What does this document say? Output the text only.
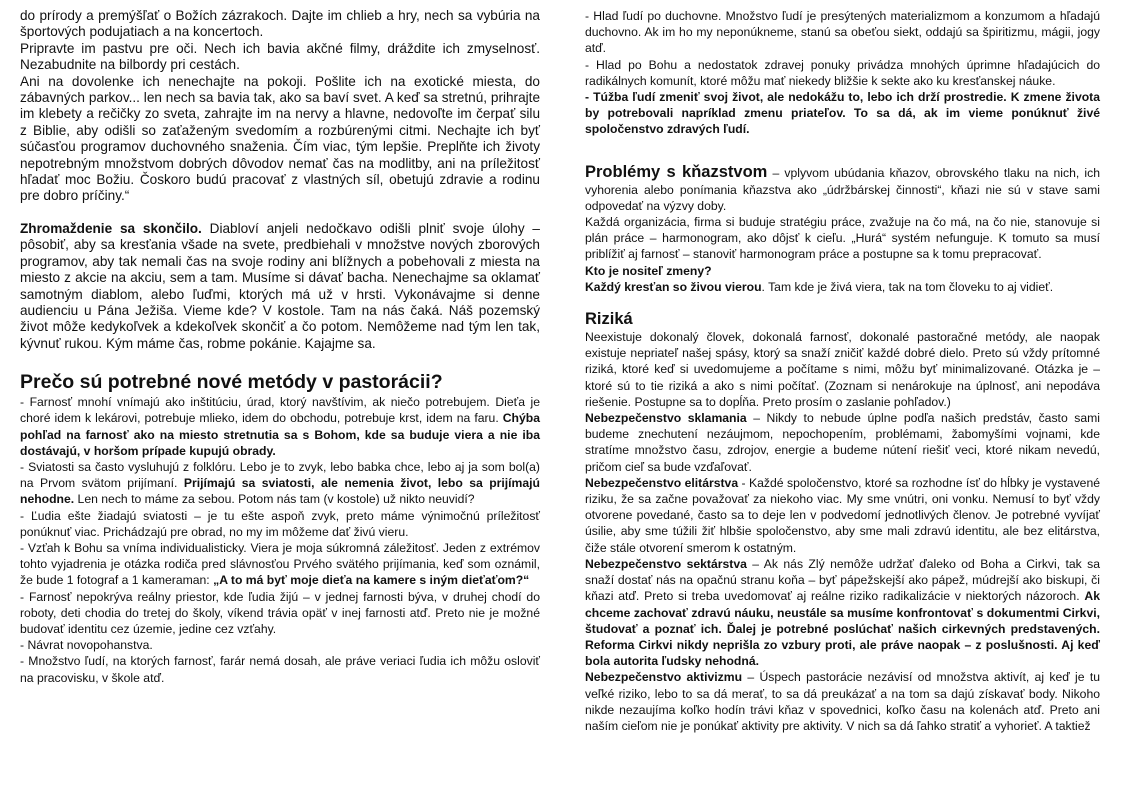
do prírody a premýšľať o Božích zázrakoch. Dajte im chlieb a hry, nech sa vybúria na športových podujatiach a na koncertoch.

Pripravte im pastvu pre oči. Nech ich bavia akčné filmy, dráždite ich zmyselnosť. Nezabudnite na bilbordy pri cestách.

Ani na dovolenke ich nenechajte na pokoji. Pošlite ich na exotické miesta, do zábavných parkov... len nech sa bavia tak, ako sa baví svet. A keď sa stretnú, prihrajte im klebety a rečičky zo sveta, zahrajte im na nervy a hlavne, nedovoľte im čerpať silu z Biblie, aby odišli so zaťaženým svedomím a rozbúrenými citmi. Nechajte ich byť súčasťou programov duchovného snaženia. Čím viac, tým lepšie. Preplňte ich životy nepotrebným množstvom dobrých dôvodov nemať čas na modlitby, ani na príležitosť hľadať moc Božiu. Čoskoro budú pracovať z vlastných síl, obetujú zdravie a rodinu pre dobro príčiny.“

Zhromaždenie sa skončilo. Diabloví anjeli nedočkavo odišli plniť svoje úlohy – pôsobiť, aby sa kresťania všade na svete, predbiehali v množstve nových zborových programov, aby tak nemali čas na svoje rodiny ani blížnych a pobehovali z miesta na miesto z akcie na akciu, sem a tam. Musíme si dávať bacha. Nenechajme sa oklamať samotným diablom, alebo ľuďmi, ktorých má už v hrsti. Vykonávajme si denne audienciu u Pána Ježiša. Vieme kde? V kostole. Tam na nás čaká. Náš pozemský život môže kedykoľvek a kdekoľvek skončiť a čo potom. Nemôžeme nad tým len tak, kývnuť rukou. Kým máme čas, robme pokánie. Kajajme sa.

Prečo sú potrebné nové metódy v pastorácii?

- Farnosť mnohí vnímajú ako inštitúciu, úrad, ktorý navštívim, ak niečo potrebujem. Dieťa je choré idem k lekárovi, potrebuje mlieko, idem do obchodu, potrebuje krst, idem na faru. Chýba pohľad na farnosť ako na miesto stretnutia sa s Bohom, kde sa buduje viera a nie iba dostávajú, v horšom prípade kupujú obrady.

- Sviatosti sa často vysluhujú z folklóru. Lebo je to zvyk, lebo babka chce, lebo aj ja som bol(a) na Prvom svätom prijímaní. Prijímajú sa sviatosti, ale nemenia život, lebo sa prijímajú nehodne. Len nech to máme za sebou. Potom nás tam (v kostole) už nikto neuvidí?

- Ľudia ešte žiadajú sviatosti – je tu ešte aspoň zvyk, preto máme výnimočnú príležitosť ponúknuť viac. Prichádzajú pre obrad, no my im môžeme dať živú vieru.

- Vzťah k Bohu sa vníma individualisticky. Viera je moja súkromná záležitosť. Jeden z extrémov tohto vyjadrenia je otázka rodiča pred slávnosťou Prvého svätého prijímania, keď som oznámil, že bude 1 fotograf a 1 kameraman: „A to má byť moje dieťa na kamere s iným dieťaťom?“

- Farnosť nepokrýva reálny priestor, kde ľudia žijú – v jednej farnosti býva, v druhej chodí do roboty, deti chodia do tretej do školy, víkend trávia opäť v inej farnosti atď. Preto nie je možné budovať identitu cez územie, jedine cez vzťahy.

- Návrat novopohanstva.

- Množstvo ľudí, na ktorých farnosť, farár nemá dosah, ale práve veriaci ľudia ich môžu osloviť na pracovisku, v škole atď.

- Hlad ľudí po duchovne. Množstvo ľudí je presýtených materializmom a konzumom a hľadajú duchovno. Ak im ho my neponúkneme, stanú sa obeťou siekt, oddajú sa špiritizmu, mágii, jogy atď.

- Hlad po Bohu a nedostatok zdravej ponuky privádza mnohých úprimne hľadajúcich do radikálnych komunít, ktoré môžu mať niekedy bližšie k sekte ako ku kresťanskej náuke.

- Túžba ľudí zmeniť svoj život, ale nedokážu to, lebo ich drží prostredie. K zmene života by potrebovali napríklad zmenu priateľov. To sa dá, ak im vieme ponúknuť živé spoločenstvo zdravých ľudí.

Problémy s kňazstvom – vplyvom ubúdania kňazov, obrovského tlaku na nich, ich vyhorenia alebo ponímania kňazstva ako „údržbárskej činnosti“, kňazi nie sú v stave sami odpovedať na výzvy doby.

Každá organizácia, firma si buduje stratégiu práce, zvažuje na čo má, na čo nie, stanovuje si plán práce – harmonogram, ako dôjsť k cieľu. „Hurá“ systém nefunguje. K tomuto sa musí priblížiť aj farnosť – stanoviť harmonogram práce a postupne sa k tomu prepracovať.

Kto je nositeľ zmeny?

Každý kresťan so živou vierou. Tam kde je živá viera, tak na tom človeku to aj vidieť.

Riziká

Neexistuje dokonalý človek, dokonalá farnosť, dokonalé pastoračné metódy, ale naopak existuje nepriateľ našej spásy, ktorý sa snaží zničiť každé dobré dielo. Preto sú vždy prítomné riziká, ktoré keď si uvedomujeme a počítame s nimi, môžu byť minimalizované. Otázka je – ktoré sú to tie riziká a ako s nimi počítať. (Zoznam si nenárokuje na úplnosť, ani nepodáva riešenie. Postupne sa to dopĺňa. Preto prosím o zaslanie pohľadov.)

Nebezpečenstvo sklamania – Nikdy to nebude úplne podľa našich predstáv, často sami budeme znechutení nezáujmom, nepochopením, problémami, žabomyšími vojnami, kde stratíme množstvo času, zdrojov, energie a budeme nútení riešiť veci, ktoré nikam nevedú, pričom cieľ sa bude vzďaľovať.

Nebezpečenstvo elitárstva - Každé spoločenstvo, ktoré sa rozhodne ísť do hĺbky je vystavené riziku, že sa začne považovať za niekoho viac. My sme vnútri, oni vonku. Nemusí to byť vždy otvorene povedané, často sa to deje len v podvedomí jednotlivých členov. Je potrebné vyvíjať úsilie, aby sme túžili žiť hlbšie spoločenstvo, aby sme mali zdravú identitu, ale bez elitárstva, čiže stále otvorení smerom k ostatným.

Nebezpečenstvo sektárstva – Ak nás Zlý nemôže udržať ďaleko od Boha a Cirkvi, tak sa snaží dostať nás na opačnú stranu koňa – byť pápežskejší ako pápež, múdrejší ako biskupi, či kňazi atď. Preto si treba uvedomovať aj reálne riziko radikalizácie v niektorých názoroch. Ak chceme zachovať zdravú náuku, neustále sa musíme konfrontovať s dokumentmi Cirkvi, študovať a poznať ich. Ďalej je potrebné poslúchať našich cirkevných predstavených. Reforma Cirkvi nikdy neprišla zo vzbury proti, ale práve naopak – z poslušnosti. Aj keď bola autorita ľudsky nehodná.

Nebezpečenstvo aktivizmu – Úspech pastorácie nezávisí od množstva aktivít, aj keď je tu veľké riziko, lebo to sa dá merať, to sa dá preukázať a na tom sa dajú získavať body. Nikoho nikde nezaujíma koľko hodín trávi kňaz v spovednici, koľko času na kolenách atď. Preto ani naším cieľom nie je ponúkať aktivity pre aktivity. V nich sa dá ľahko stratiť a vyhorieť. A taktiež
